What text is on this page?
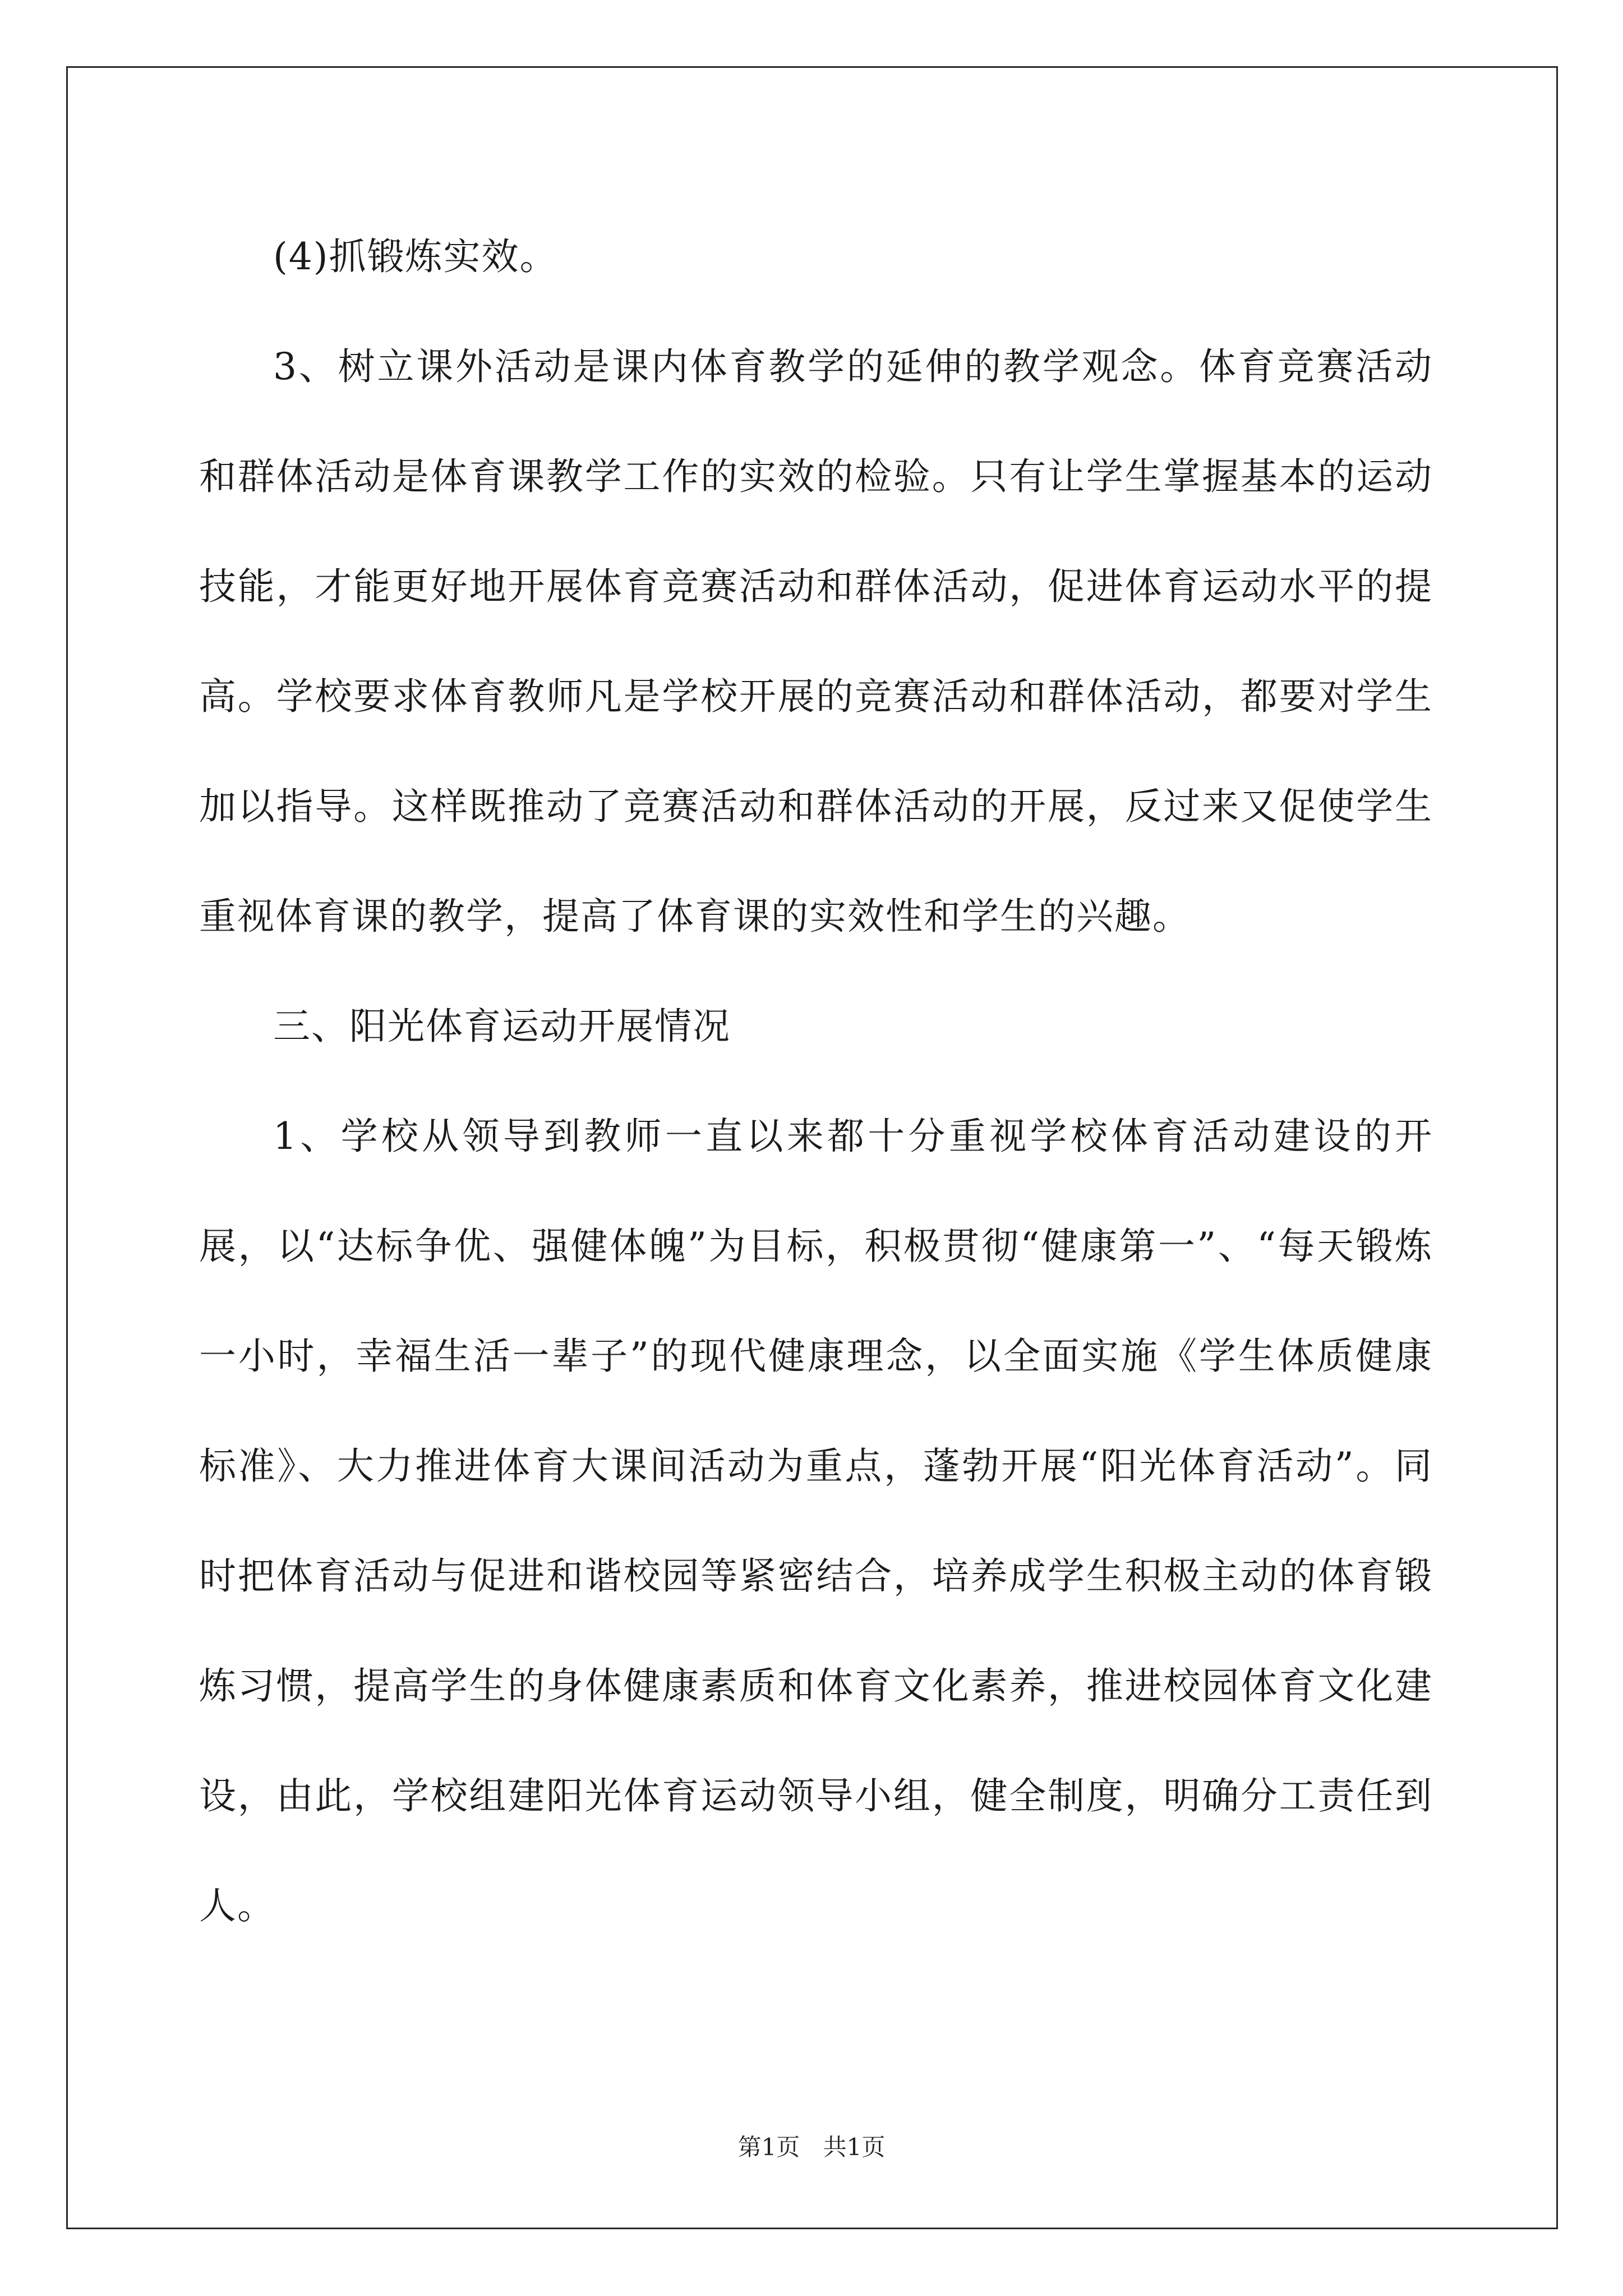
(4)抓锻炼实效。

3、树立课外活动是课内体育教学的延伸的教学观念。体育竞赛活动和群体活动是体育课教学工作的实效的检验。只有让学生掌握基本的运动技能，才能更好地开展体育竞赛活动和群体活动，促进体育运动水平的提高。学校要求体育教师凡是学校开展的竞赛活动和群体活动，都要对学生加以指导。这样既推动了竞赛活动和群体活动的开展，反过来又促使学生重视体育课的教学，提高了体育课的实效性和学生的兴趣。

三、阳光体育运动开展情况

1、学校从领导到教师一直以来都十分重视学校体育活动建设的开展，以“达标争优、强健体魄”为目标，积极贯彻“健康第一”、“每天锻炼一小时，幸福生活一辈子”的现代健康理念，以全面实施《学生体质健康标准》、大力推进体育大课间活动为重点，蓬勃开展“阳光体育活动”。同时把体育活动与促进和谐校园等紧密结合，培养成学生积极主动的体育锻炼习惯，提高学生的身体健康素质和体育文化素养，推进校园体育文化建设，由此，学校组建阳光体育运动领导小组，健全制度，明确分工责任到人。

第1页 共1页
